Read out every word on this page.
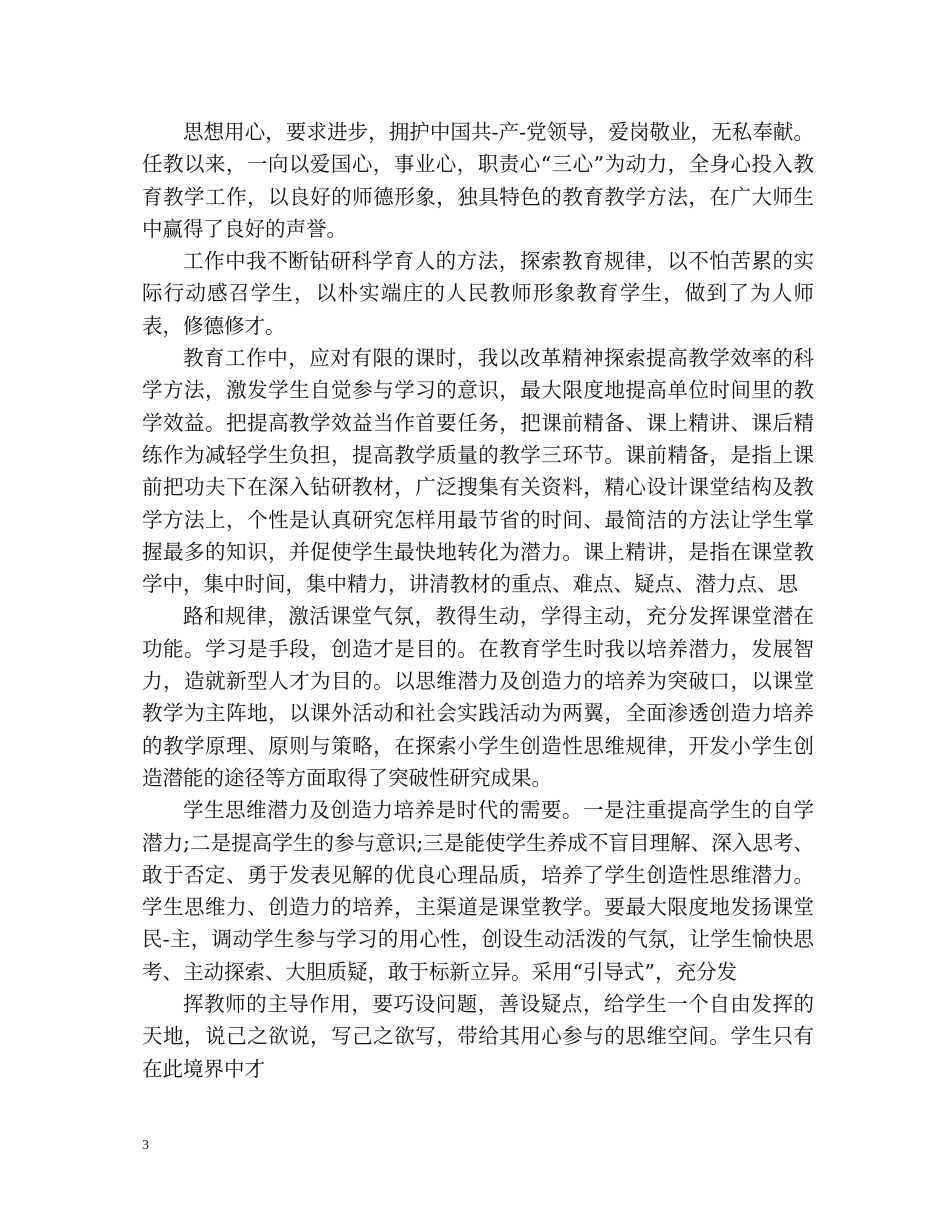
思想用心，要求进步，拥护中国共-产-党领导，爱岗敬业，无私奉献。任教以来，一向以爱国心，事业心，职责心“三心”为动力，全身心投入教育教学工作，以良好的师德形象，独具特色的教育教学方法，在广大师生中赢得了良好的声誉。

工作中我不断钻研科学育人的方法，探索教育规律，以不怕苦累的实际行动感召学生，以朴实端庄的人民教师形象教育学生，做到了为人师表，修德修才。

教育工作中，应对有限的课时，我以改革精神探索提高教学效率的科学方法，激发学生自觉参与学习的意识，最大限度地提高单位时间里的教学效益。把提高教学效益当作首要任务，把课前精备、课上精讲、课后精练作为减轻学生负担，提高教学质量的教学三环节。课前精备，是指上课前把功夫下在深入钻研教材，广泛搜集有关资料，精心设计课堂结构及教学方法上，个性是认真研究怎样用最节省的时间、最简洁的方法让学生掌握最多的知识，并促使学生最快地转化为潜力。课上精讲，是指在课堂教学中，集中时间，集中精力，讲清教材的重点、难点、疑点、潜力点、思

路和规律，激活课堂气氛，教得生动，学得主动，充分发挥课堂潜在功能。学习是手段，创造才是目的。在教育学生时我以培养潜力，发展智力，造就新型人才为目的。以思维潜力及创造力的培养为突破口，以课堂教学为主阵地，以课外活动和社会实践活动为两翼，全面渗透创造力培养的教学原理、原则与策略，在探索小学生创造性思维规律，开发小学生创造潜能的途径等方面取得了突破性研究成果。

学生思维潜力及创造力培养是时代的需要。一是注重提高学生的自学潜力;二是提高学生的参与意识;三是能使学生养成不盲目理解、深入思考、敢于否定、勇于发表见解的优良心理品质，培养了学生创造性思维潜力。学生思维力、创造力的培养，主渠道是课堂教学。要最大限度地发扬课堂民-主，调动学生参与学习的用心性，创设生动活泼的气氛，让学生愉快思考、主动探索、大胆质疑，敢于标新立异。采用“引导式”，充分发

挥教师的主导作用，要巧设问题，善设疑点，给学生一个自由发挥的天地，说己之欲说，写己之欲写，带给其用心参与的思维空间。学生只有在此境界中才

3
